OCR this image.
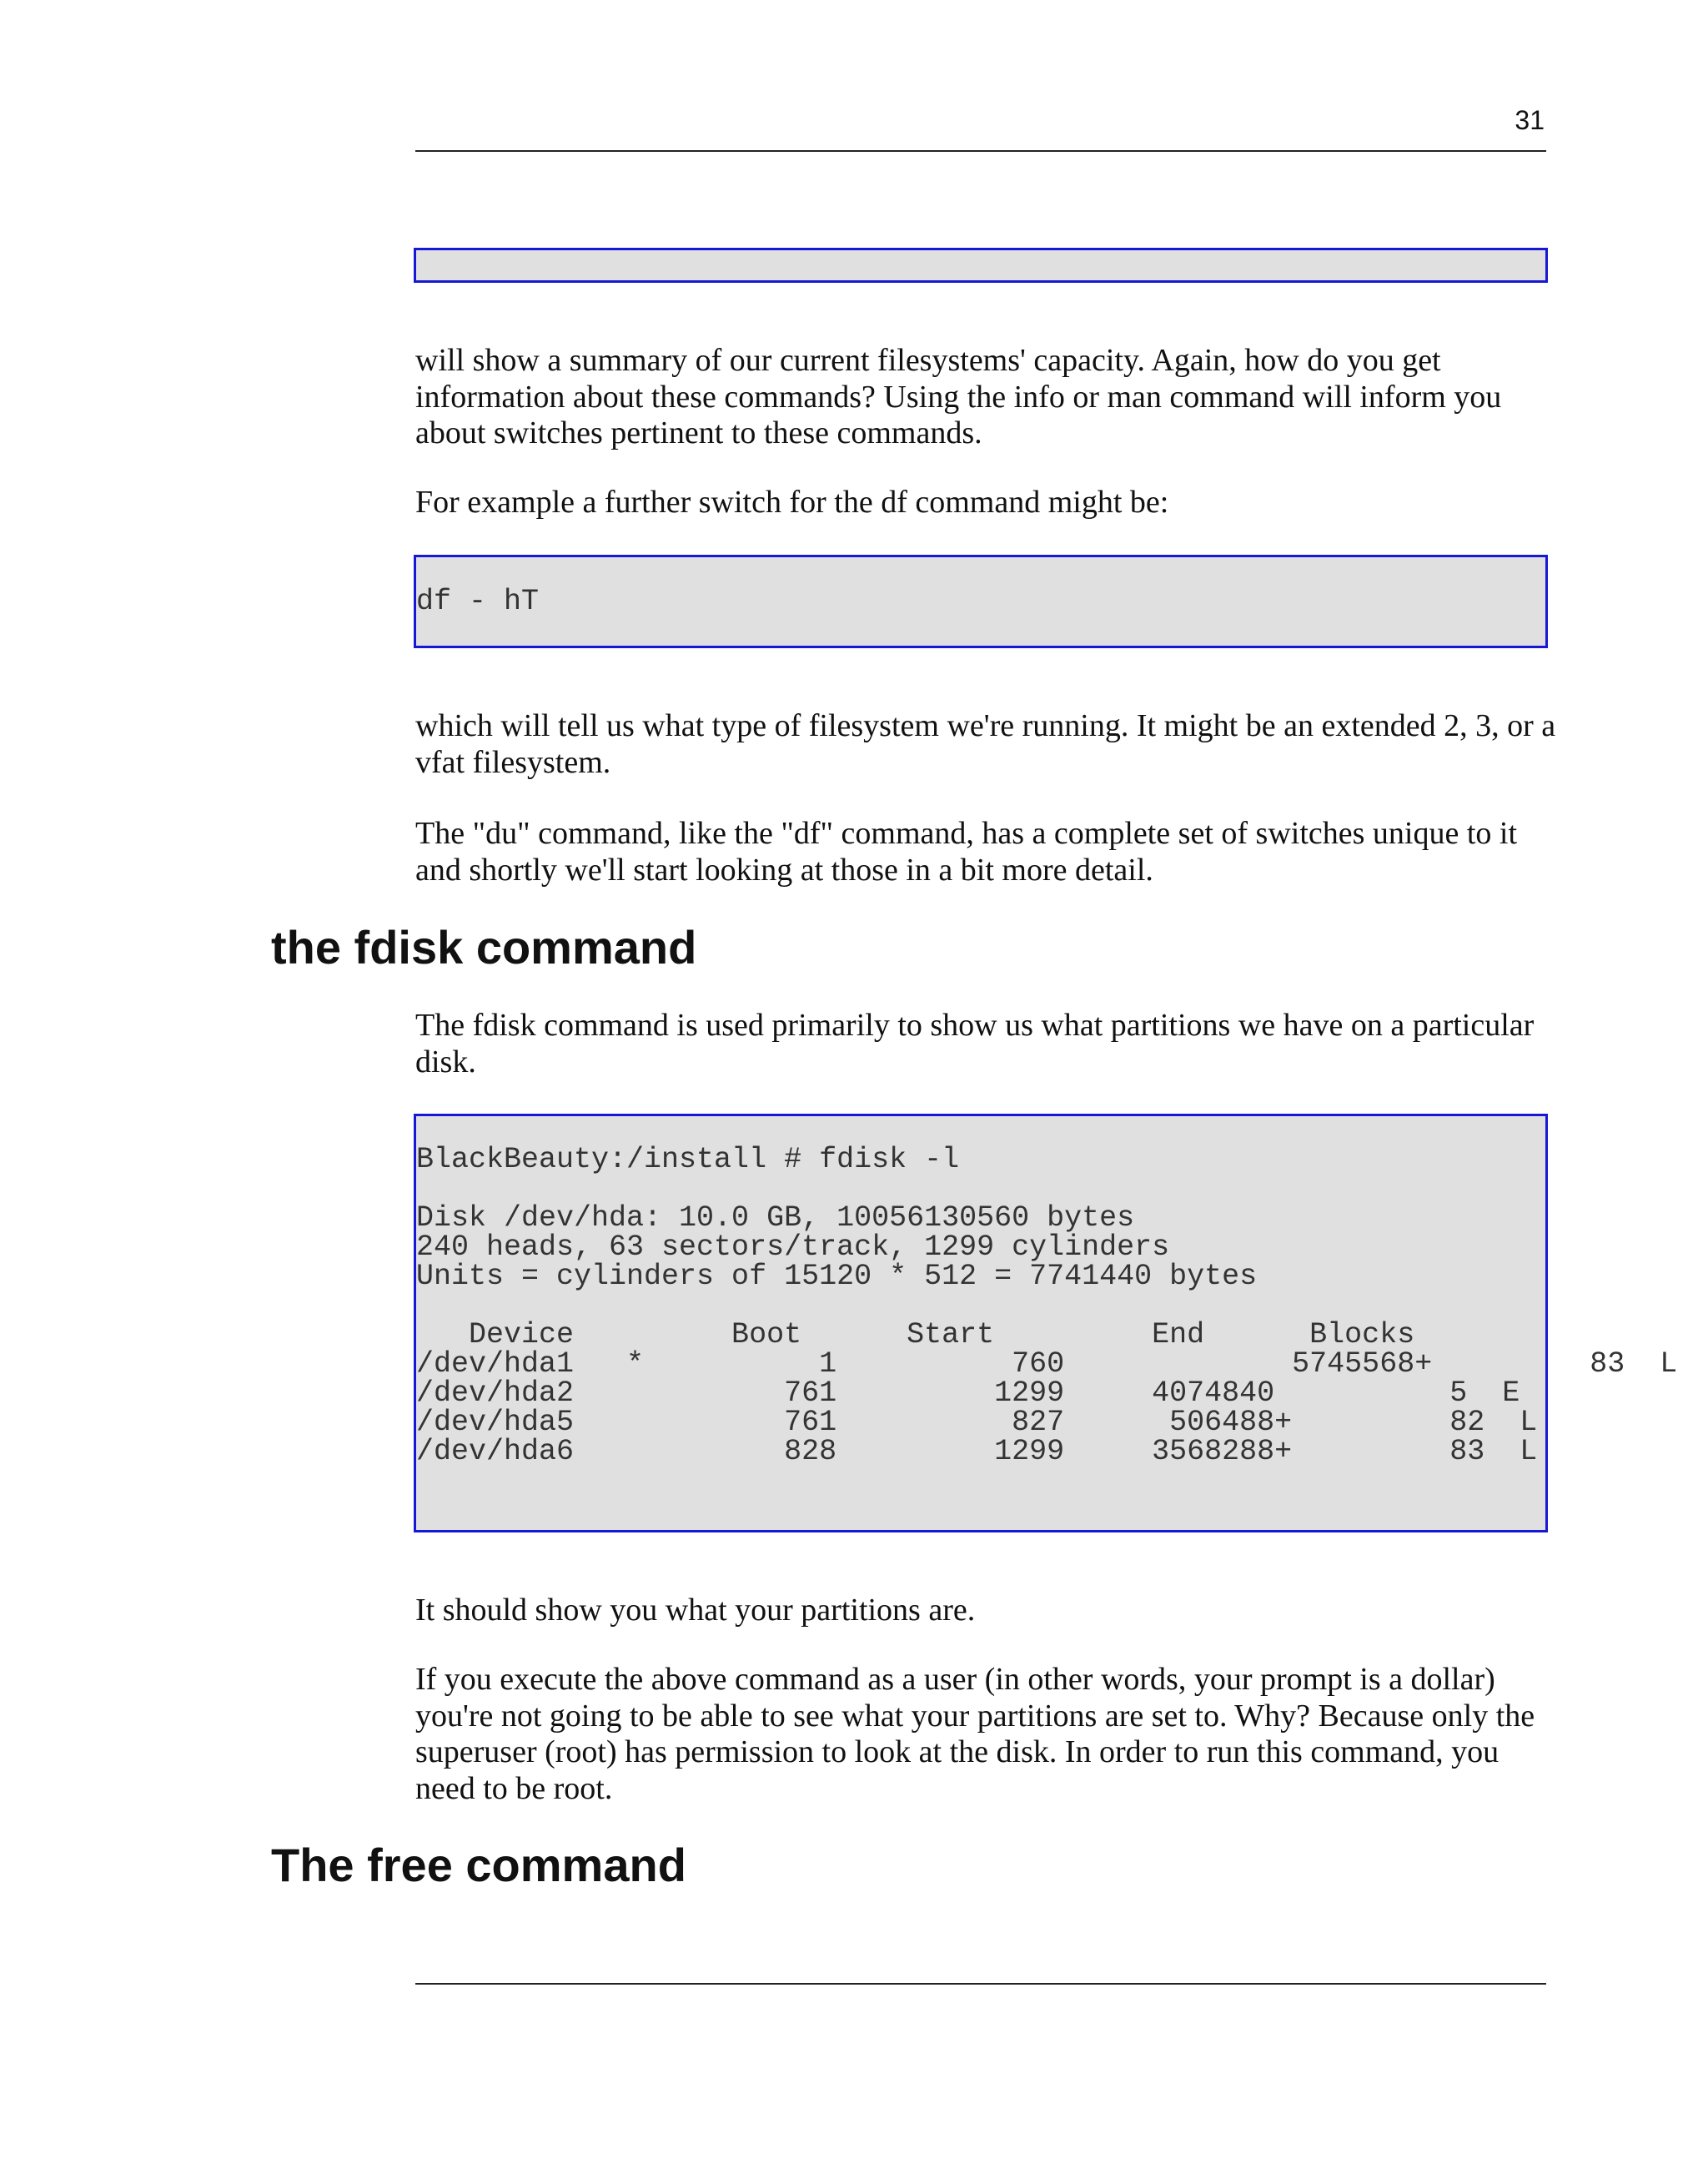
31

will show a summary of our current filesystems' capacity. Again, how do you get information about these commands? Using the info or man command will inform you about switches pertinent to these commands.

For example a further switch for the df command might be:

df - hT

which will tell us what type of filesystem we're running. It might be an extended 2, 3, or a vfat filesystem.

The "du" command, like the "df" command, has a complete set of switches unique to it and shortly we'll start looking at those in a bit more detail.

the fdisk command

The fdisk command is used primarily to show us what partitions we have on a particular disk.

BlackBeauty:/install # fdisk -l
Disk /dev/hda: 10.0 GB, 10056130560 bytes
240 heads, 63 sectors/track, 1299 cylinders
Units = cylinders of 15120 * 512 = 7741440 bytes
Device         Boot      Start         End      Blocks
/dev/hda1   *          1          760             5745568+         83  L
/dev/hda2            761         1299     4074840          5  E
/dev/hda5            761          827      506488+         82  L
/dev/hda6            828         1299     3568288+         83  L

It should show you what your partitions are.

If you execute the above command as a user (in other words, your prompt is a dollar) you're not going to be able to see what your partitions are set to. Why? Because only the superuser (root) has permission to look at the disk. In order to run this command, you need to be root.

The free command
